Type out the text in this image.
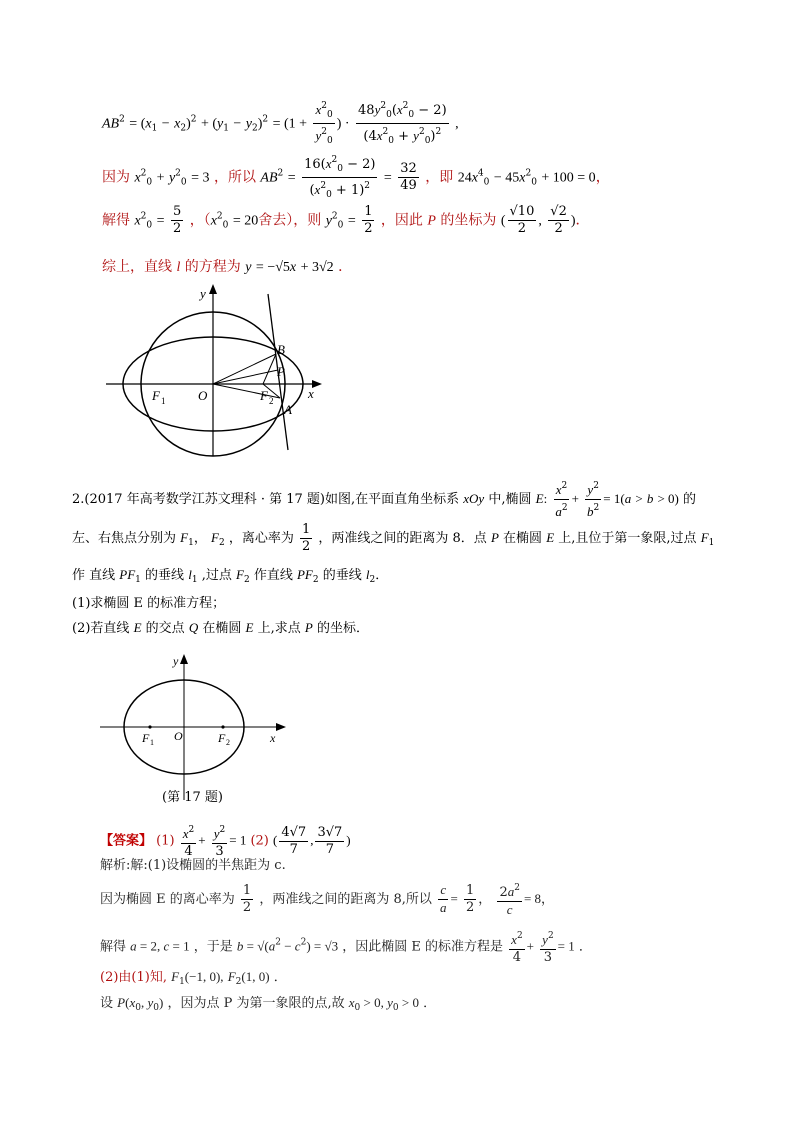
$AB^2 = (x_1 - x_2)^2 + (y_1 - y_2)^2 = (1 + \frac{x^2_0}{y^2_0}$ ) · $\frac{48y^2_0(x^2_0 - 2)}{(4x^2_0 + y^2_0)^2}$ ,
因为 $x^2_0 + y^2_0 = 3$ ，所以 $AB^2 = \frac{16(x^2_0 - 2)}{(x^2_0 + 1)^2} = \frac{32}{49}$ ，即 $24x^4_0 - 45x^2_0 + 100 = 0$，
解得 $x^2_0 = \frac{5}{2}$ ，（$x^2_0 = 20$舍去），则 $y^2_0 = \frac{1}{2}$ ，因此 P 的坐标为 ( $\frac{√10}{2}$ , $\frac{√2}{2}$ )．
综上，直线 l 的方程为 y = −√5x + 3√2 ．
y
x
O
F 1	F 2
A
B
P
2.(2017 年高考数学江苏文理科 · 第 17 题)如图,在平面直角坐标系 xOy 中,椭圆 E: $\frac{x^2}{a^2} + \frac{y^2}{b^2} = 1(a > b > 0)$ 的
左、右焦点分别为 $F_1$， $F_2$ ，离心率为 $\frac{1}{2}$ ，两准线之间的距离为 8．点 P 在椭圆 E 上,且位于第一象限,过点 $F_1$
作 直线 $PF_1$ 的垂线 $l_1$ ,过点 $F_2$ 作直线 $PF_2$ 的垂线 $l_2$．
(1)求椭圆 E 的标准方程；
(2)若直线 E 的交点 Q 在椭圆 E 上,求点 P 的坐标．
y
x
O
F 1	F 2
(第 17 题)
【答案】 $(1) \frac{x^2}{4} + \frac{y^2}{3} = 1$ (2) ( $\frac{4√7}{7}$ , $\frac{3√7}{7}$ )
解析:解:(1)设椭圆的半焦距为 c.
因为椭圆 E 的离心率为 $\frac{1}{2}$ ，两准线之间的距离为 8,所以 $\frac{c}{a} = \frac{1}{2}$ ， $\frac{2a^2}{c} = 8$，
解得 a = 2, c = 1 ，于是 $b = √(a^2 - c^2) = √3$ ，因此椭圆 E 的标准方程是 $\frac{x^2}{4} + \frac{y^2}{3} = 1$ ．
(2)由(1)知, $F_1(-1$, 0), $F_2(1$, 0) ．
设 $P(x_0$, $y_0$) ，因为点 P 为第一象限的点,故 $x_0 > 0$, $y_0 > 0$ ．
